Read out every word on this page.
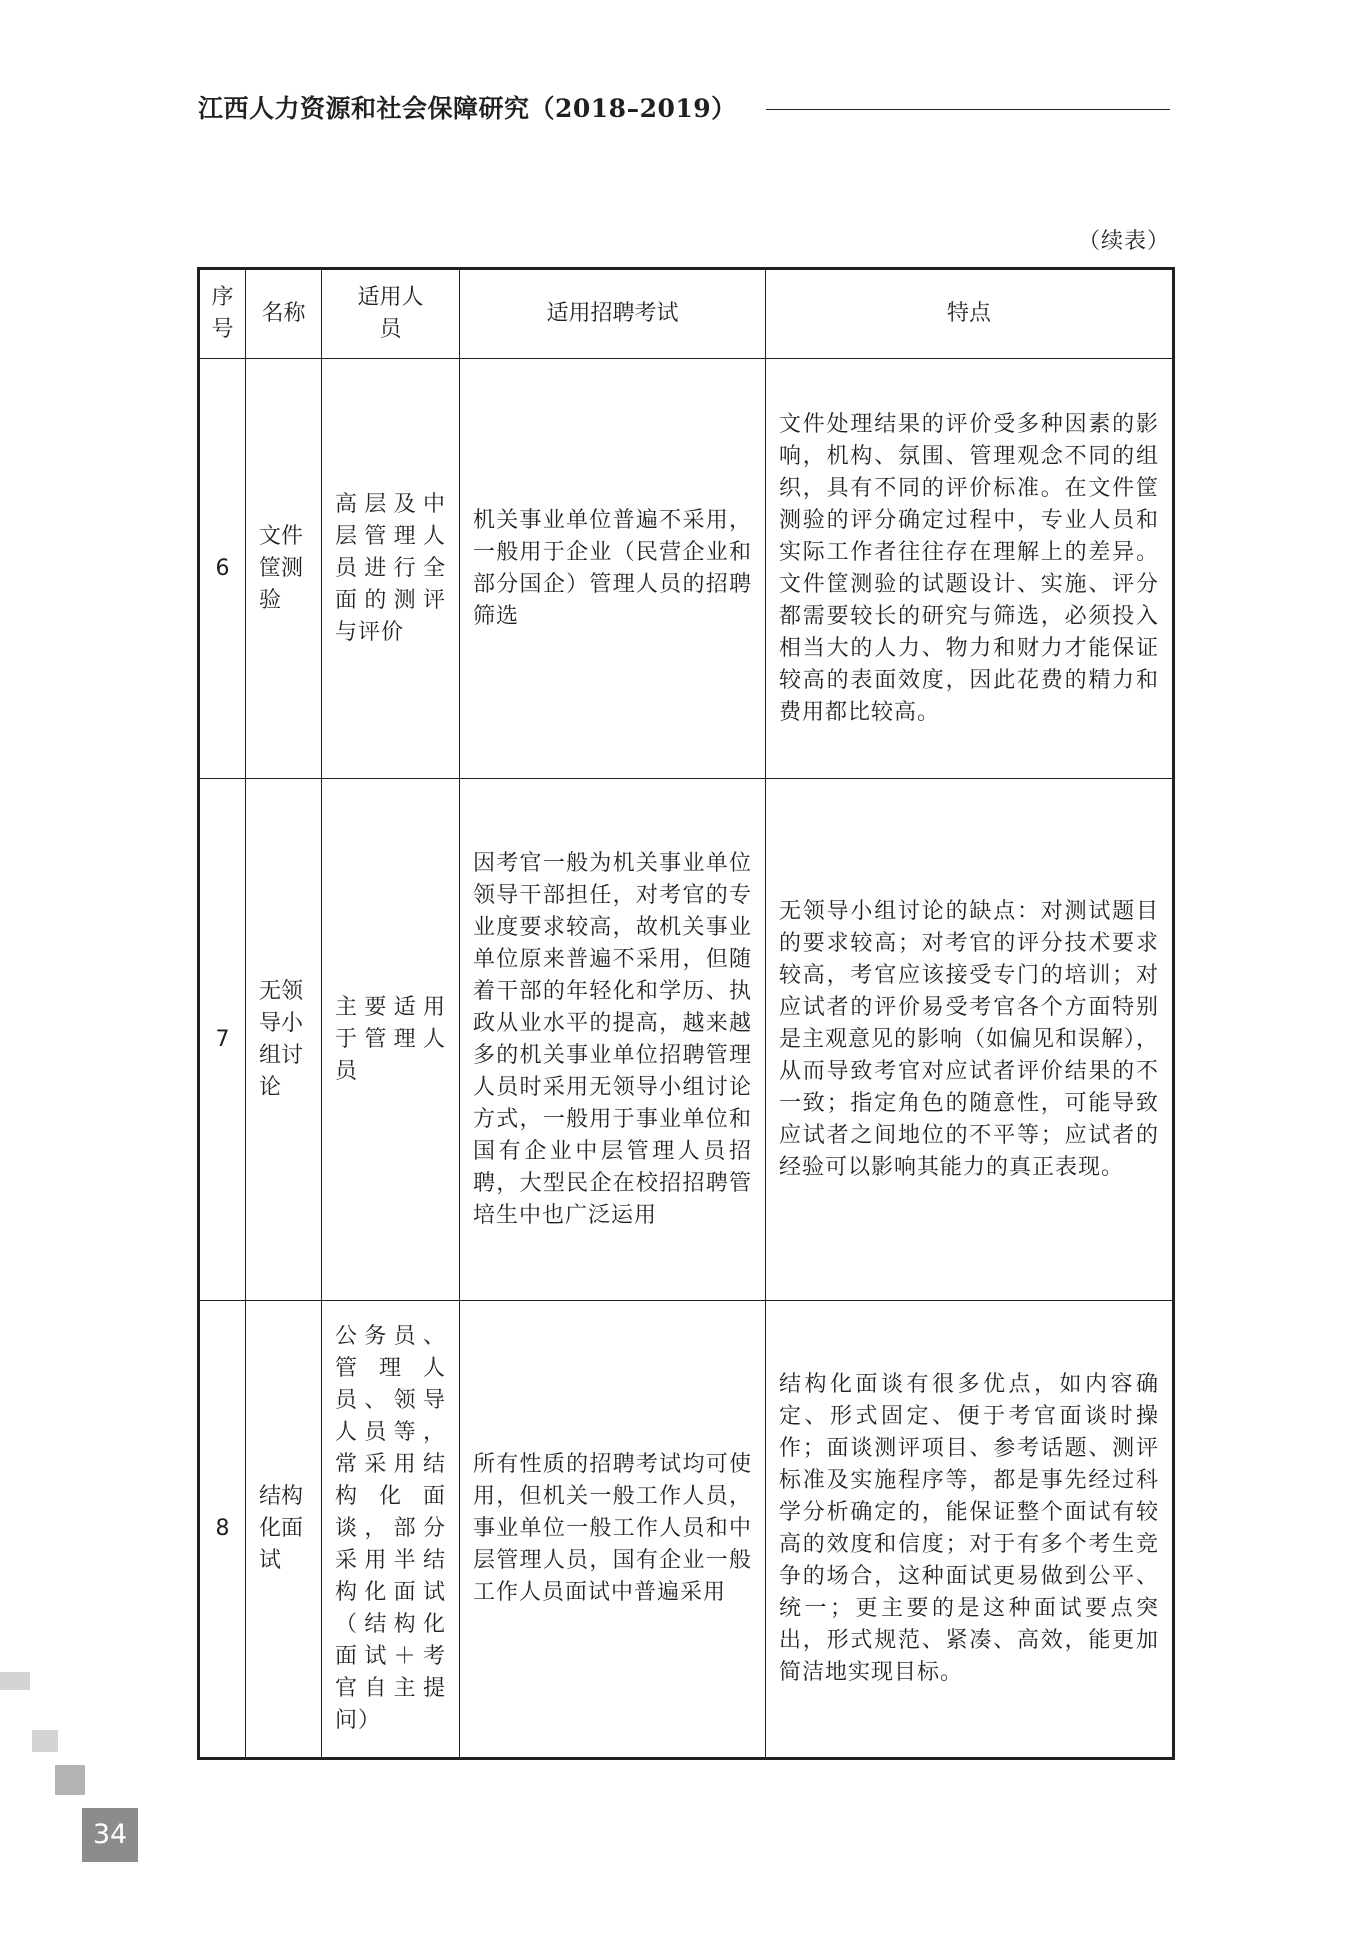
江西人力资源和社会保障研究（2018–2019）
（续表）
序号	名称	适用人员	适用招聘考试	特点
6	文件筐测验	高层及中层管理人员进行全面的测评与评价	机关事业单位普遍不采用，一般用于企业（民营企业和部分国企）管理人员的招聘筛选	文件处理结果的评价受多种因素的影响，机构、氛围、管理观念不同的组织，具有不同的评价标准。在文件筐测验的评分确定过程中，专业人员和实际工作者往往存在理解上的差异。文件筐测验的试题设计、实施、评分都需要较长的研究与筛选，必须投入相当大的人力、物力和财力才能保证较高的表面效度，因此花费的精力和费用都比较高。
7	无领导小组讨论	主要适用于管理人员	因考官一般为机关事业单位领导干部担任，对考官的专业度要求较高，故机关事业单位原来普遍不采用，但随着干部的年轻化和学历、执政从业水平的提高，越来越多的机关事业单位招聘管理人员时采用无领导小组讨论方式，一般用于事业单位和国有企业中层管理人员招聘，大型民企在校招招聘管培生中也广泛运用	无领导小组讨论的缺点：对测试题目的要求较高；对考官的评分技术要求较高，考官应该接受专门的培训；对应试者的评价易受考官各个方面特别是主观意见的影响（如偏见和误解），从而导致考官对应试者评价结果的不一致；指定角色的随意性，可能导致应试者之间地位的不平等；应试者的经验可以影响其能力的真正表现。
8	结构化面试	公务员、管理人员、领导人员等，常采用结构化面谈，部分采用半结构化面试（结构化面试＋考官自主提问）	所有性质的招聘考试均可使用，但机关一般工作人员，事业单位一般工作人员和中层管理人员，国有企业一般工作人员面试中普遍采用	结构化面谈有很多优点，如内容确定、形式固定、便于考官面谈时操作；面谈测评项目、参考话题、测评标准及实施程序等，都是事先经过科学分析确定的，能保证整个面试有较高的效度和信度；对于有多个考生竞争的场合，这种面试更易做到公平、统一；更主要的是这种面试要点突出，形式规范、紧凑、高效，能更加简洁地实现目标。
34
